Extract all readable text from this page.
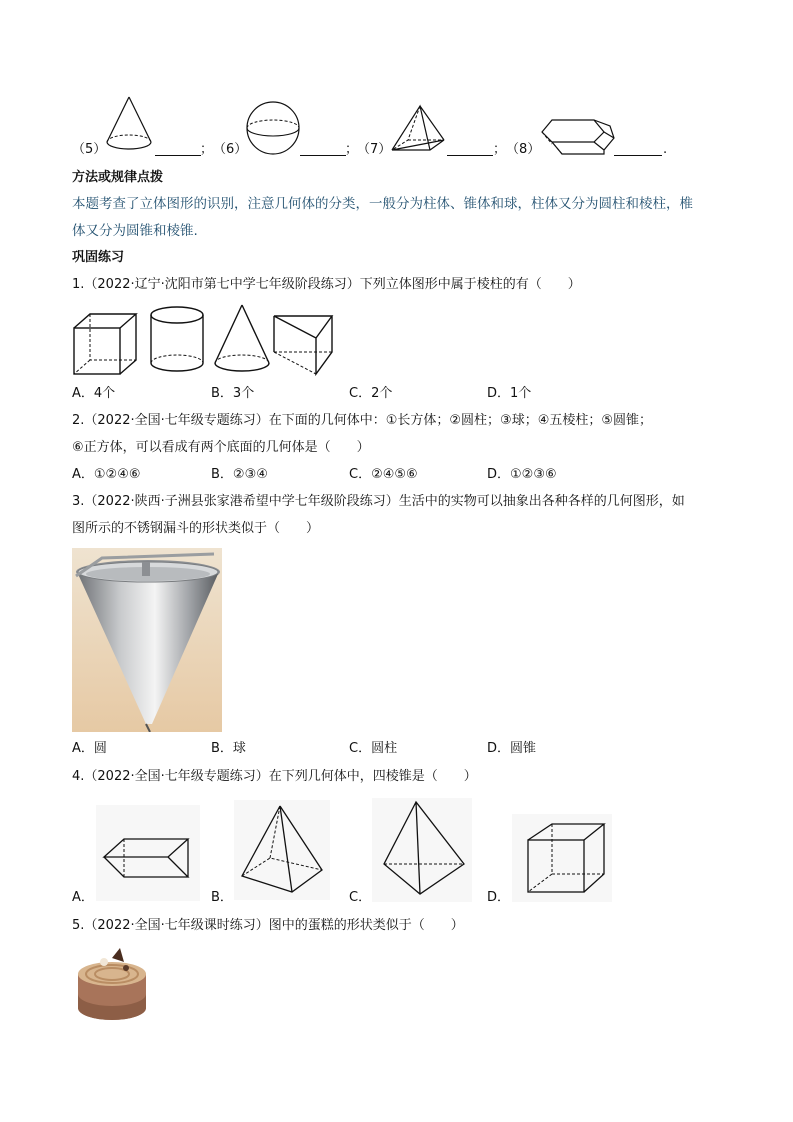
（5）	； （6）	；
（7）	； （8）	.
方法或规律点拨
本题考查了立体图形的识别，注意几何体的分类，一般分为柱体、锥体和球，柱体又分为圆柱和棱柱，椎
体又分为圆锥和棱锥.
巩固练习
1.（2022·辽宁·沈阳市第七中学七年级阶段练习）下列立体图形中属于棱柱的有（　　）
A．4个	B．3个	C．2个	D．1个
2.（2022·全国·七年级专题练习）在下面的几何体中：①长方体；②圆柱；③球；④五棱柱；⑤圆锥；
⑥正方体，可以看成有两个底面的几何体是（　　）
A．①②④⑥	B．②③④	C．②④⑤⑥	D．①②③⑥
3.（2022·陕西·子洲县张家港希望中学七年级阶段练习）生活中的实物可以抽象出各种各样的几何图形，如
图所示的不锈钢漏斗的形状类似于（　　）
A．圆	B．球	C．圆柱	D．圆锥
4.（2022·全国·七年级专题练习）在下列几何体中，四棱锥是（　　）
A．	B．	C．	D．
5.（2022·全国·七年级课时练习）图中的蛋糕的形状类似于（　　）
